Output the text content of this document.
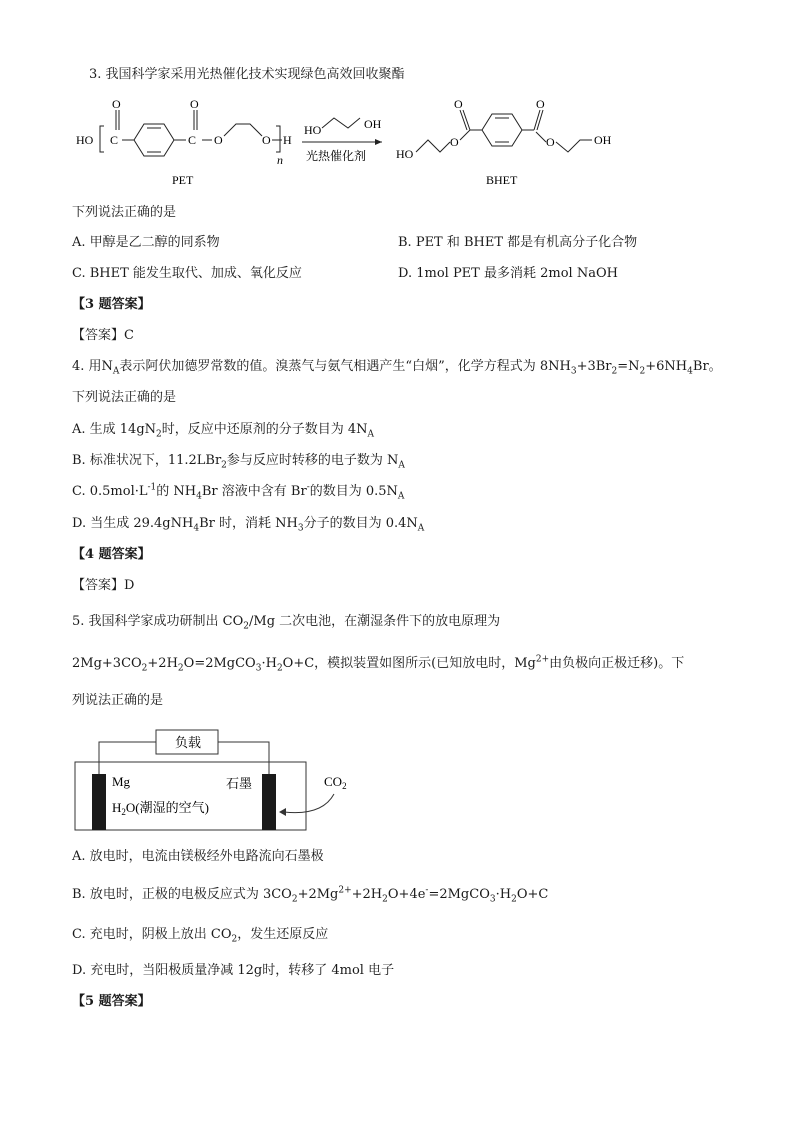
3. 我国科学家采用光热催化技术实现绿色高效回收聚酯
HO C
O
C
O
O	O H
n
PET
HO	OH
光热催化剂 HO
O
O	O
O	OH
BHET
下列说法正确的是
A. 甲醇是乙二醇的同系物	B. PET 和 BHET 都是有机高分子化合物
C. BHET 能发生取代、加成、氧化反应	D. 1mol PET 最多消耗 2mol NaOH
【3 题答案】
【答案】C
4. 用$N_A$表示阿伏加德罗常数的值。溴蒸气与氨气相遇产生“白烟”，化学方程式为 $8NH_3+3Br_2=N_2+6NH_4Br$。
下列说法正确的是
A. 生成 $14gN_2$时，反应中还原剂的分子数目为 $4N_A$
B. 标准状况下，11.2LBr$_2$参与反应时转移的电子数为 $N_A$
C. $0.5mol\cdot L^{-1}$的 $NH_4Br$ 溶液中含有 Br-的数目为 $0.5N_A$
D. 当生成 29.4gNH$_4$Br 时，消耗 $NH_3$分子的数目为 $0.4N_A$
【4 题答案】
【答案】D
5. 我国科学家成功研制出 $CO_2/Mg$ 二次电池，在潮湿条件下的放电原理为
$2Mg+3CO_2+2H_2O=2MgCO_3\cdot H_2O+C$，模拟装置如图所示(已知放电时，$Mg^{2+}$由负极向正极迁移)。下
列说法正确的是
负载
Mg	石墨
$H_2O$(潮湿的空气)
$CO_2$
A. 放电时，电流由镁极经外电路流向石墨极
B. 放电时，正极的电极反应式为 $3CO_2+2Mg^{2+}+2H_2O+4e^-=2MgCO_3\cdot H_2O+C$
C. 充电时，阴极上放出 $CO_2$，发生还原反应
D. 充电时，当阳极质量净减 12g时，转移了 4mol 电子
【5 题答案】
